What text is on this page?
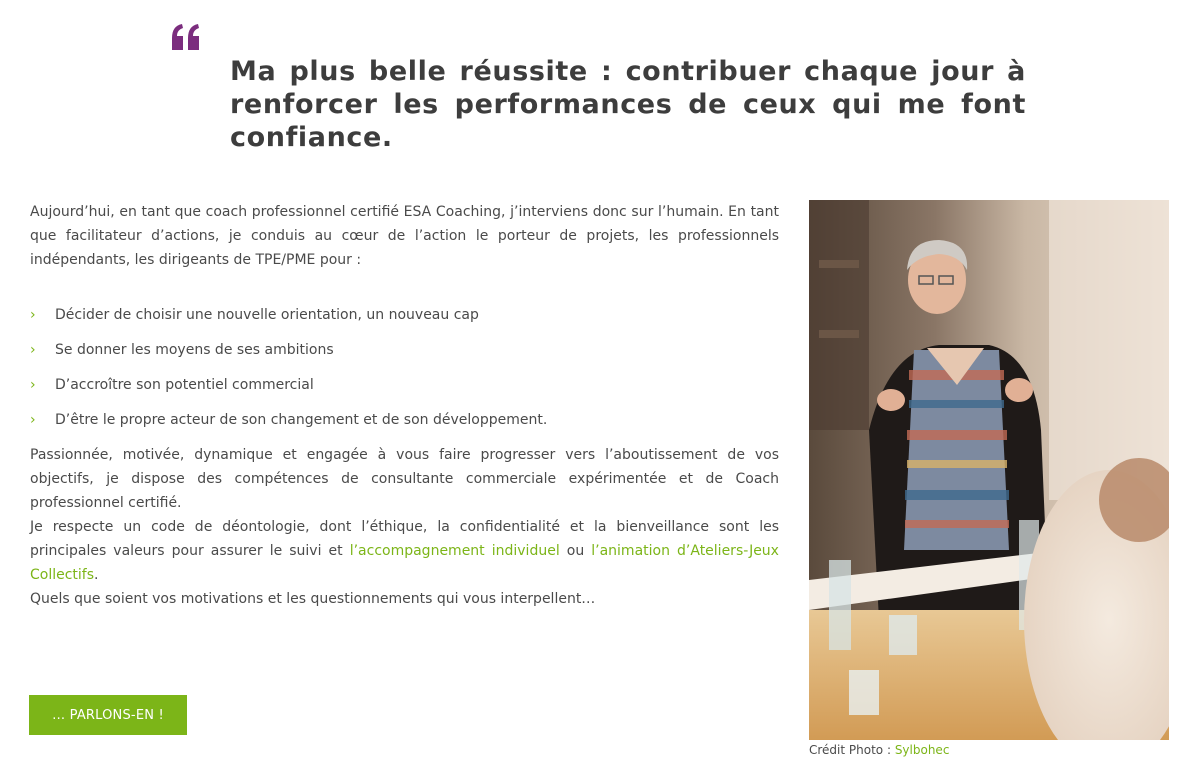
Ma plus belle réussite : contribuer chaque jour à renforcer les performances de ceux qui me font confiance.

Aujourd’hui, en tant que coach professionnel certifié ESA Coaching, j’interviens donc sur l’humain. En tant que facilitateur d’actions, je conduis au cœur de l’action le porteur de projets, les professionnels indépendants, les dirigeants de TPE/PME pour :

› Décider de choisir une nouvelle orientation, un nouveau cap
› Se donner les moyens de ses ambitions
› D’accroître son potentiel commercial
› D’être le propre acteur de son changement et de son développement.

Passionnée, motivée, dynamique et engagée à vous faire progresser vers l’aboutissement de vos objectifs, je dispose des compétences de consultante commerciale expérimentée et de Coach professionnel certifié.

Je respecte un code de déontologie, dont l’éthique, la confidentialité et la bienveillance sont les principales valeurs pour assurer le suivi et l’accompagnement individuel ou l’animation d’Ateliers-Jeux Collectifs.

Quels que soient vos motivations et les questionnements qui vous interpellent…

… PARLONS-EN !
Crédit Photo : Sylbohec
